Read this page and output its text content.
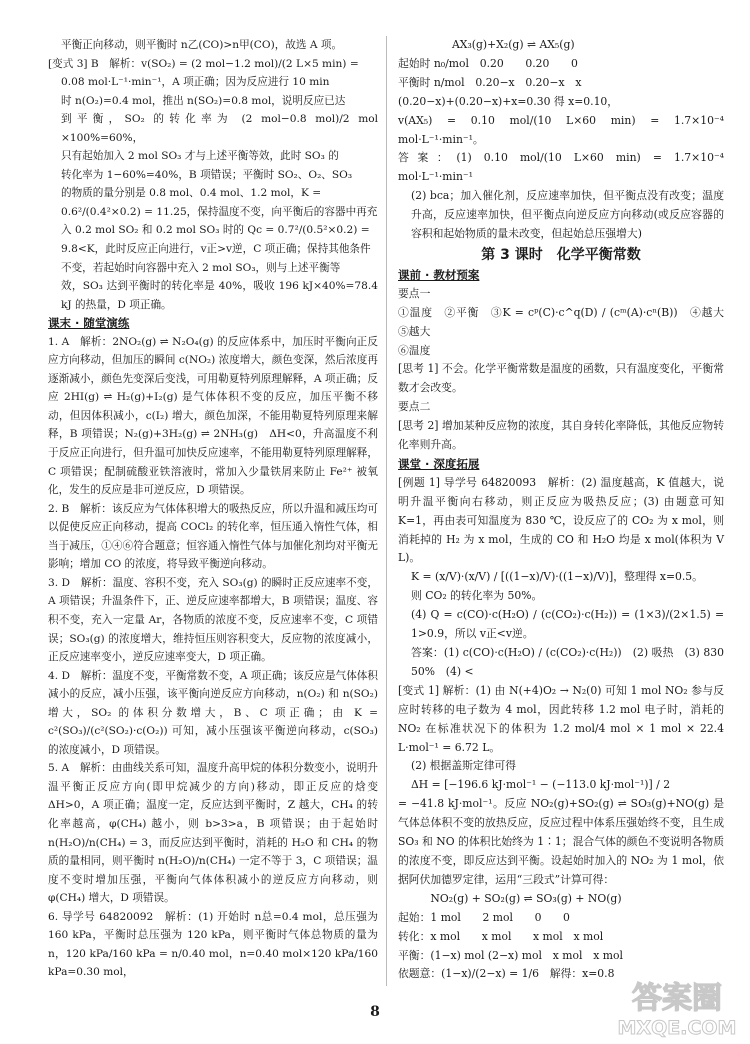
平衡正向移动，则平衡时 n乙(CO)>n甲(CO)，故选 A 项。

[变式 3] B　解析：v(SO₂) = (2 mol−1.2 mol)/(2 L×5 min) =

0.08 mol·L⁻¹·min⁻¹，A 项正确；因为反应进行 10 min

时 n(O₂)=0.4 mol，推出 n(SO₂)=0.8 mol，说明反应已达

到平衡，SO₂ 的转化率为 (2 mol−0.8 mol)/2 mol ×100%=60%，

只有起始加入 2 mol SO₃ 才与上述平衡等效，此时 SO₃ 的

转化率为 1−60%=40%，B 项错误；平衡时 SO₂、O₂、SO₃

的物质的量分别是 0.8 mol、0.4 mol、1.2 mol，K =

0.6²/(0.4²×0.2) = 11.25，保持温度不变，向平衡后的容器中再充

入 0.2 mol SO₂ 和 0.2 mol SO₃ 时的 Qc = 0.7²/(0.5²×0.2) =

9.8<K，此时反应正向进行，v正>v逆，C 项正确；保持其他条件

不变，若起始时向容器中充入 2 mol SO₃，则与上述平衡等

效，SO₃ 达到平衡时的转化率是 40%，吸收 196 kJ×40%=78.4 kJ 的热量，D 项正确。

课末 · 随堂演练

1. A　解析：2NO₂(g) ⇌ N₂O₄(g) 的反应体系中，加压时平衡向正反应方向移动，但加压的瞬间 c(NO₂) 浓度增大，颜色变深，然后浓度再逐渐减小，颜色先变深后变浅，可用勒夏特列原理解释，A 项正确；反应 2HI(g) ⇌ H₂(g)+I₂(g) 是气体体积不变的反应，加压平衡不移动，但因体积减小，c(I₂) 增大，颜色加深，不能用勒夏特列原理来解释，B 项错误；N₂(g)+3H₂(g) ⇌ 2NH₃(g)　ΔH<0，升高温度不利于反应正向进行，但升温可加快反应速率，不能用勒夏特列原理解释，C 项错误；配制硫酸亚铁溶液时，常加入少量铁屑来防止 Fe²⁺ 被氧化，发生的反应是非可逆反应，D 项错误。

2. B　解析：该反应为气体体积增大的吸热反应，所以升温和减压均可以促使反应正向移动，提高 COCl₂ 的转化率，恒压通入惰性气体，相当于减压，①④⑥符合题意；恒容通入惰性气体与加催化剂均对平衡无影响；增加 CO 的浓度，将导致平衡逆向移动。

3. D　解析：温度、容积不变，充入 SO₃(g) 的瞬时正反应速率不变，A 项错误；升温条件下，正、逆反应速率都增大，B 项错误；温度、容积不变，充入一定量 Ar，各物质的浓度不变，反应速率不变，C 项错误；SO₃(g) 的浓度增大，维持恒压则容积变大，反应物的浓度减小，正反应速率变小，逆反应速率变大，D 项正确。

4. D　解析：温度不变，平衡常数不变，A 项正确；该反应是气体体积减小的反应，减小压强，该平衡向逆反应方向移动，n(O₂) 和 n(SO₂) 增大，SO₂ 的体积分数增大，B、C 项正确；由 K = c²(SO₃)/(c²(SO₂)·c(O₂)) 可知，减小压强该平衡逆向移动，c(SO₃) 的浓度减小，D 项错误。

5. A　解析：由曲线关系可知，温度升高甲烷的体积分数变小，说明升温平衡正反应方向(即甲烷减少的方向)移动，即正反应的焓变 ΔH>0，A 项正确；温度一定，反应达到平衡时，Z 越大，CH₄ 的转化率越高，φ(CH₄) 越小，则 b>3>a，B 项错误；由于起始时 n(H₂O)/n(CH₄) = 3，而反应达到平衡时，消耗的 H₂O 和 CH₄ 的物质的量相同，则平衡时 n(H₂O)/n(CH₄) 一定不等于 3，C 项错误；温度不变时增加压强，平衡向气体体积减小的逆反应方向移动，则 φ(CH₄) 增大，D 项错误。

6. 导学号 64820092　解析：(1) 开始时 n总=0.4 mol，总压强为 160 kPa，平衡时总压强为 120 kPa，则平衡时气体总物质的量为 n，120 kPa/160 kPa = n/0.40 mol，n=0.40 mol×120 kPa/160 kPa=0.30 mol，

　　　　　AX₃(g)+X₂(g) ⇌ AX₅(g)

起始时 n₀/mol　0.20　　0.20　　0

平衡时 n/mol　0.20−x　0.20−x　x

(0.20−x)+(0.20−x)+x=0.30 得 x=0.10，

v(AX₅) = 0.10 mol/(10 L×60 min) = 1.7×10⁻⁴ mol·L⁻¹·min⁻¹。

答案：(1) 0.10 mol/(10 L×60 min) = 1.7×10⁻⁴ mol·L⁻¹·min⁻¹

(2) bca；加入催化剂，反应速率加快，但平衡点没有改变；温度升高，反应速率加快，但平衡点向逆反应方向移动(或反应容器的容积和起始物质的量未改变，但起始总压强增大)

第 3 课时　化学平衡常数

课前 · 教材预案

要点一

①温度　②平衡　③K = cᵖ(C)·c^q(D) / (cᵐ(A)·cⁿ(B))　④越大　⑤越大

⑥温度

[思考 1] 不会。化学平衡常数是温度的函数，只有温度变化，平衡常数才会改变。

要点二

[思考 2] 增加某种反应物的浓度，其自身转化率降低，其他反应物转化率则升高。

课堂 · 深度拓展

[例题 1] 导学号 64820093　解析：(2) 温度越高，K 值越大，说明升温平衡向右移动，则正反应为吸热反应；(3) 由题意可知 K=1，再由表可知温度为 830 ℃，设反应了的 CO₂ 为 x mol，则消耗掉的 H₂ 为 x mol，生成的 CO 和 H₂O 均是 x mol(体积为 V L)。

K = (x/V)·(x/V) / [((1−x)/V)·((1−x)/V)]，整理得 x=0.5。

则 CO₂ 的转化率为 50%。

(4) Q = c(CO)·c(H₂O) / (c(CO₂)·c(H₂)) = (1×3)/(2×1.5) = 1>0.9，所以 v正<v逆。

答案：(1) c(CO)·c(H₂O) / (c(CO₂)·c(H₂))　(2) 吸热　(3) 830　50%　(4) <

[变式 1] 解析：(1) 由 N(+4)O₂ → N₂(0) 可知 1 mol NO₂ 参与反应时转移的电子数为 4 mol，因此转移 1.2 mol 电子时，消耗的 NO₂ 在标准状况下的体积为 1.2 mol/4 mol × 1 mol × 22.4 L·mol⁻¹ = 6.72 L。

(2) 根据盖斯定律可得

ΔH = [−196.6 kJ·mol⁻¹ − (−113.0 kJ·mol⁻¹)] / 2

= −41.8 kJ·mol⁻¹。反应 NO₂(g)+SO₂(g) ⇌ SO₃(g)+NO(g) 是气体总体积不变的放热反应，反应过程中体系压强始终不变，且生成 SO₃ 和 NO 的体积比始终为 1∶1；混合气体的颜色不变说明各物质的浓度不变，即反应达到平衡。设起始时加入的 NO₂ 为 1 mol，依据阿伏加德罗定律，运用“三段式”计算可得：

　　　NO₂(g) + SO₂(g) ⇌ SO₃(g) + NO(g)

起始：1 mol　　2 mol　　0　　0

转化：x mol　　x mol　　x mol　x mol

平衡：(1−x) mol (2−x) mol　x mol　x mol

依题意：(1−x)/(2−x) = 1/6　解得：x=0.8

8	答案圈
MXQE.COM
